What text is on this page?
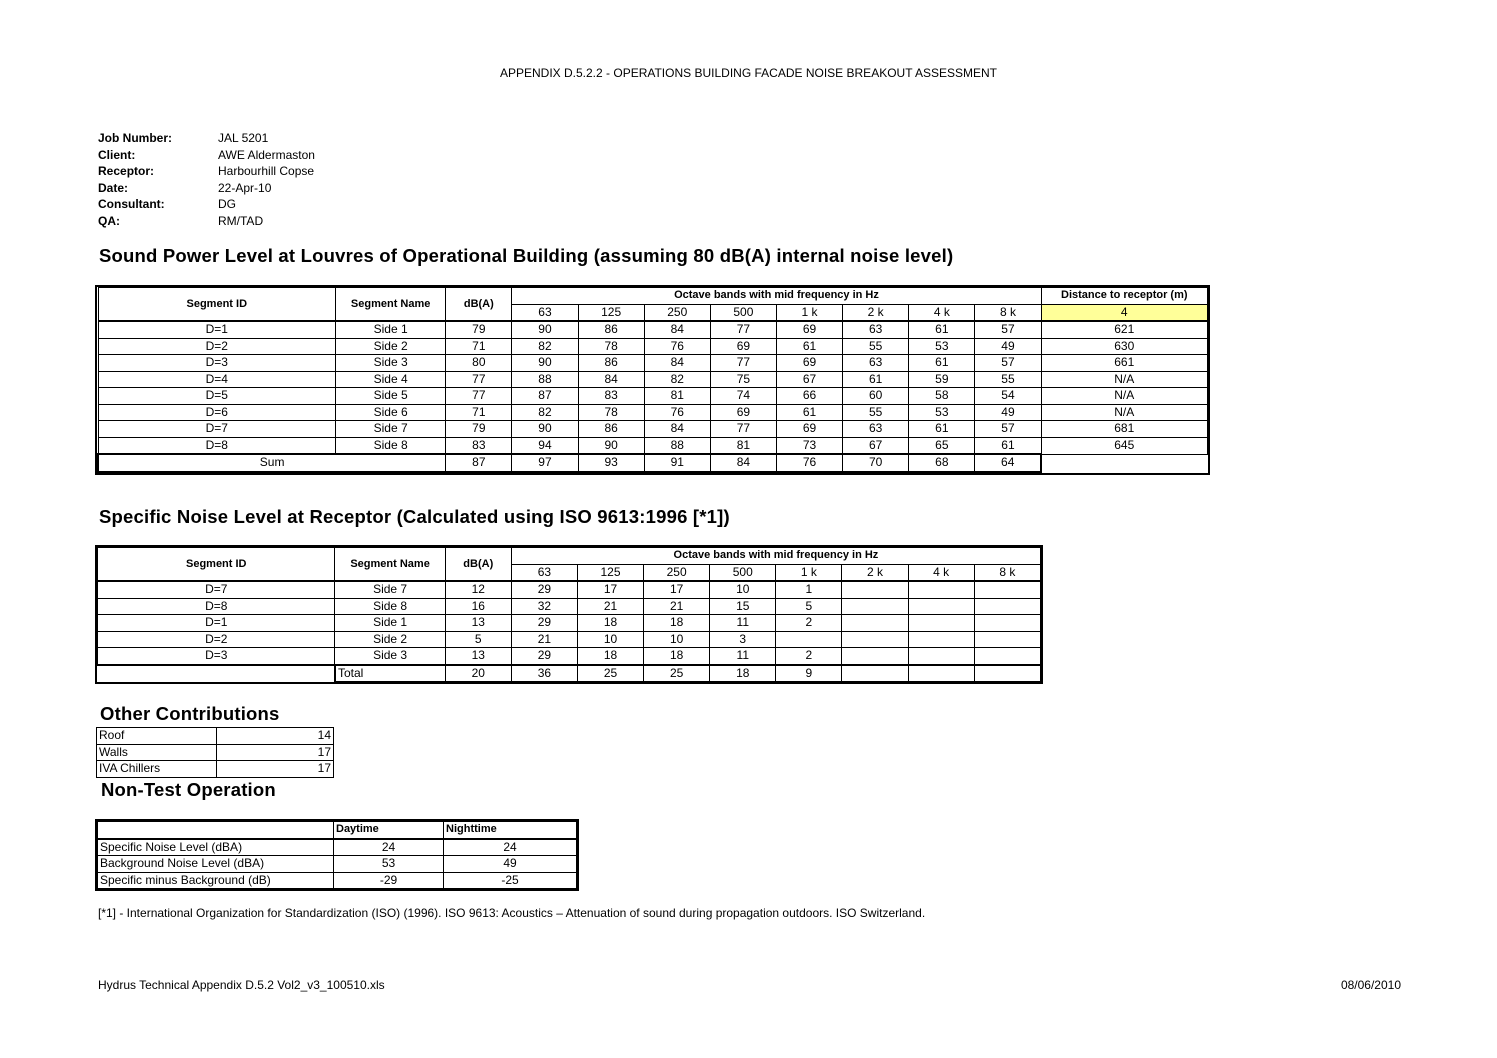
APPENDIX D.5.2.2 - OPERATIONS BUILDING FACADE NOISE BREAKOUT ASSESSMENT
Job Number:	JAL 5201
Client:	AWE Aldermaston
Receptor:	Harbourhill Copse
Date:	22-Apr-10
Consultant:	DG
QA:	RM/TAD
Sound Power Level at Louvres of Operational Building (assuming 80 dB(A) internal noise level)
Segment ID	Segment Name	dB(A)	Octave bands with mid frequency in Hz								Distance to receptor (m)
			63	125	250	500	1 k	2 k	4 k	8 k	4
D=1	Side 1	79	90	86	84	77	69	63	61	57	621
D=2	Side 2	71	82	78	76	69	61	55	53	49	630
D=3	Side 3	80	90	86	84	77	69	63	61	57	661
D=4	Side 4	77	88	84	82	75	67	61	59	55	N/A
D=5	Side 5	77	87	83	81	74	66	60	58	54	N/A
D=6	Side 6	71	82	78	76	69	61	55	53	49	N/A
D=7	Side 7	79	90	86	84	77	69	63	61	57	681
D=8	Side 8	83	94	90	88	81	73	67	65	61	645
Sum		87	97	93	91	84	76	70	68	64	
Specific Noise Level at Receptor (Calculated using ISO 9613:1996 [*1])
Segment ID	Segment Name	dB(A)	Octave bands with mid frequency in Hz							
			63	125	250	500	1 k	2 k	4 k	8 k
D=7	Side 7	12	29	17	17	10	1			
D=8	Side 8	16	32	21	21	15	5			
D=1	Side 1	13	29	18	18	11	2			
D=2	Side 2	5	21	10	10	3				
D=3	Side 3	13	29	18	18	11	2			
	Total	20	36	25	25	18	9			
Other Contributions
Roof	14
Walls	17
IVA Chillers	17
Non-Test Operation
	Daytime	Nighttime
Specific Noise Level (dBA)	24	24
Background Noise Level (dBA)	53	49
Specific minus Background (dB)	-29	-25
[*1] - International Organization for Standardization (ISO) (1996). ISO 9613: Acoustics – Attenuation of sound during propagation outdoors. ISO Switzerland.
Hydrus Technical Appendix D.5.2 Vol2_v3_100510.xls	08/06/2010
